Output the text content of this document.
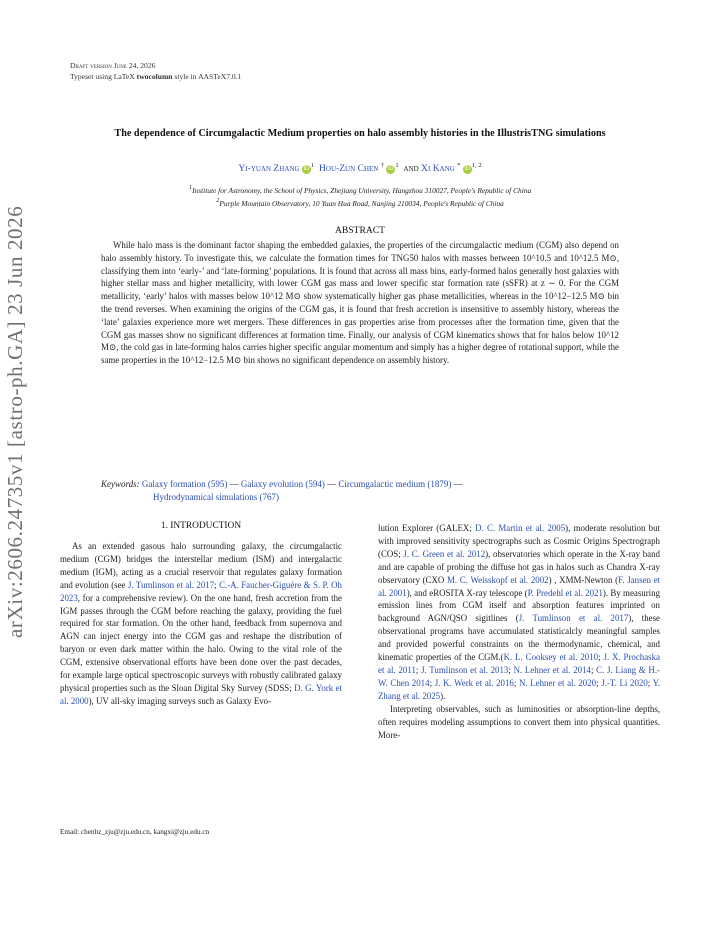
arXiv:2606.24735v1 [astro-ph.GA] 23 Jun 2026
Draft version June 24, 2026
Typeset using LaTeX twocolumn style in AASTeX7.0.1
The dependence of Circumgalactic Medium properties on halo assembly histories in the IllustrisTNG simulations
Yi-yuan Zhang iD $^1$ Hou-Zun Chen † iD $^1$ and Xi Kang * iD $^{1, 2}$
1Institute for Astronomy, the School of Physics, Zhejiang University, Hangzhou 310027, People's Republic of China
2Purple Mountain Observatory, 10 Yuan Hua Road, Nanjing 210034, People's Republic of China
ABSTRACT
While halo mass is the dominant factor shaping the embedded galaxies, the properties of the circumgalactic medium (CGM) also depend on halo assembly history. To investigate this, we calculate the formation times for TNG50 halos with masses between 10^10.5 and 10^12.5 M⊙, classifying them into ‘early-’ and ‘late-forming’ populations. It is found that across all mass bins, early-formed halos generally host galaxies with higher stellar mass and higher metallicity, with lower CGM gas mass and lower specific star formation rate (sSFR) at z ∼ 0. For the CGM metallicity, ‘early’ halos with masses below 10^12 M⊙ show systematically higher gas phase metallicities, whereas in the 10^12−12.5 M⊙ bin the trend reverses. When examining the origins of the CGM gas, it is found that fresh accretion is insensitive to assembly history, whereas the ‘late’ galaxies experience more wet mergers. These differences in gas properties arise from processes after the formation time, given that the CGM gas masses show no significant differences at formation time. Finally, our analysis of CGM kinematics shows that for halos below 10^12 M⊙, the cold gas in late-forming halos carries higher specific angular momentum and simply has a higher degree of rotational support, while the same properties in the 10^12−12.5 M⊙ bin shows no significant dependence on assembly history.
Keywords: Galaxy formation (595) — Galaxy evolution (594) — Circumgalactic medium (1879) —
Hydrodynamical simulations (767)
1. INTRODUCTION

As an extended gasous halo surrounding galaxy, the circumgalactic medium (CGM) bridges the interstellar medium (ISM) and intergalactic medium (IGM), acting as a crucial reservoir that regulates galaxy formation and evolution (see J. Tumlinson et al. 2017; C.-A. Faucher-Giguère & S. P. Oh 2023, for a comprehensive review). On the one hand, fresh accretion from the IGM passes through the CGM before reaching the galaxy, providing the fuel required for star formation. On the other hand, feedback from supernova and AGN can inject energy into the CGM gas and reshape the distribution of baryon or even dark matter within the halo. Owing to the vital role of the CGM, extensive observational efforts have been done over the past decades, for example large optical spectroscopic surveys with robustly calibrated galaxy physical properties such as the Sloan Digital Sky Survey (SDSS; D. G. York et al. 2000), UV all-sky imaging surveys such as Galaxy Evo-

lution Explorer (GALEX; D. C. Martin et al. 2005), moderate resolution but with improved sensitivity spectrographs such as Cosmic Origins Spectrograph (COS; J. C. Green et al. 2012), observatories which operate in the X-ray band and are capable of probing the diffuse hot gas in halos such as Chandra X-ray observatory (CXO M. C. Weisskopf et al. 2002) , XMM-Newton (F. Jansen et al. 2001), and eROSITA X-ray telescope (P. Predehl et al. 2021). By measuring emission lines from CGM itself and absorption features imprinted on background AGN/QSO sigitlines (J. Tumlinson et al. 2017), these observational programs have accumulated statisticalcly meaningful samples and provided powerful constraints on the thermodynamic, chemical, and kinematic properties of the CGM.(K. L. Cooksey et al. 2010; J. X. Prochaska et al. 2011; J. Tumlinson et al. 2013; N. Lehner et al. 2014; C. J. Liang & H.-W. Chen 2014; J. K. Werk et al. 2016; N. Lehner et al. 2020; J.-T. Li 2020; Y. Zhang et al. 2025).

Interpreting observables, such as luminosities or absorption-line depths, often requires modeling assumptions to convert them into physical quantities. More-

Email: chenhz_zju@zju.edu.cn, kangxi@zju.edu.cn
